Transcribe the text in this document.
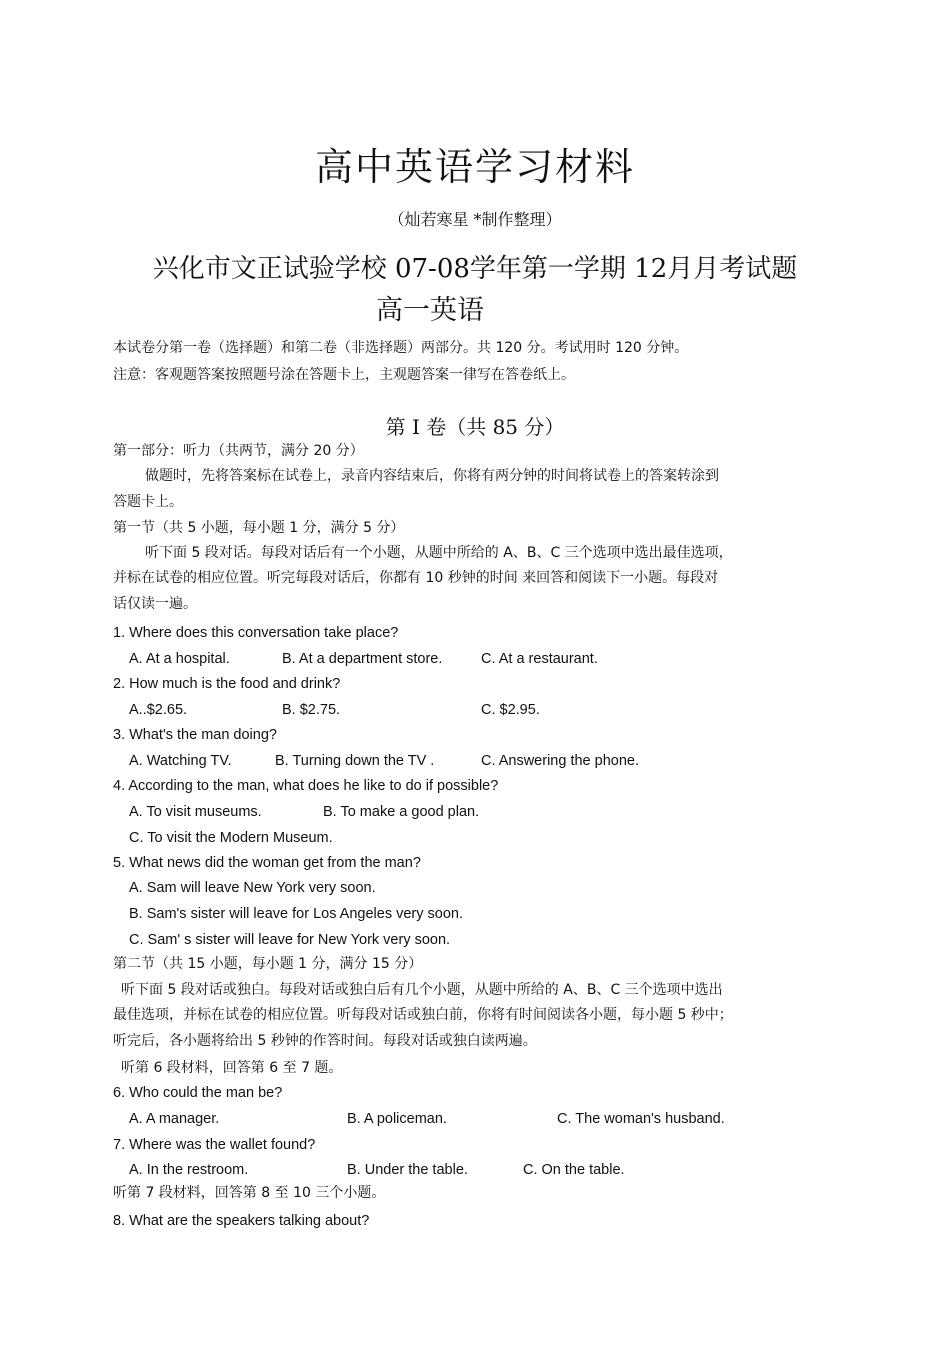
高中英语学习材料
（灿若寒星 *制作整理）
兴化市文正试验学校 07-08学年第一学期 12月月考试题
高一英语
本试卷分第一卷（选择题）和第二卷（非选择题）两部分。共 120 分。考试用时 120 分钟。
注意：客观题答案按照题号涂在答题卡上，主观题答案一律写在答卷纸上。
第 I 卷（共 85 分）
第一部分：听力（共两节，满分 20 分）
做题时，先将答案标在试卷上，录音内容结束后，你将有两分钟的时间将试卷上的答案转涂到
答题卡上。
第一节（共 5 小题，每小题 1 分，满分 5 分）
听下面 5 段对话。每段对话后有一个小题，从题中所给的 A、B、C 三个选项中选出最佳选项，
并标在试卷的相应位置。听完每段对话后，你都有 10 秒钟的时间 来回答和阅读下一小题。每段对
话仅读一遍。
1. Where does this conversation take place?
A. At a hospital.	B. At a department store.	C. At a restaurant.
2. How much is the food and drink?
A..$2.65.	B. $2.75.	C. $2.95.
3. What's the man doing?
A. Watching TV.	B. Turning down the TV .	C. Answering the phone.
4. According to the man, what does he like to do if possible?
A. To visit museums.	B. To make a good plan.
C. To visit the Modern Museum.
5. What news did the woman get from the man?
A. Sam will leave New York very soon.
B. Sam's sister will leave for Los Angeles very soon.
C. Sam' s sister will leave for New York very soon.
第二节（共 15 小题，每小题 1 分，满分 15 分）
听下面 5 段对话或独白。每段对话或独白后有几个小题，从题中所给的 A、B、C 三个选项中选出
最佳选项，并标在试卷的相应位置。听每段对话或独白前，你将有时间阅读各小题，每小题 5 秒中；
听完后，各小题将给出 5 秒钟的作答时间。每段对话或独白读两遍。
听第 6 段材料，回答第 6 至 7 题。
6. Who could the man be?
A. A manager.	B. A policeman.	C. The woman's husband.
7. Where was the wallet found?
A. In the restroom.	B. Under the table.	C. On the table.
听第 7 段材料，回答第 8 至 10 三个小题。
8. What are the speakers talking about?
